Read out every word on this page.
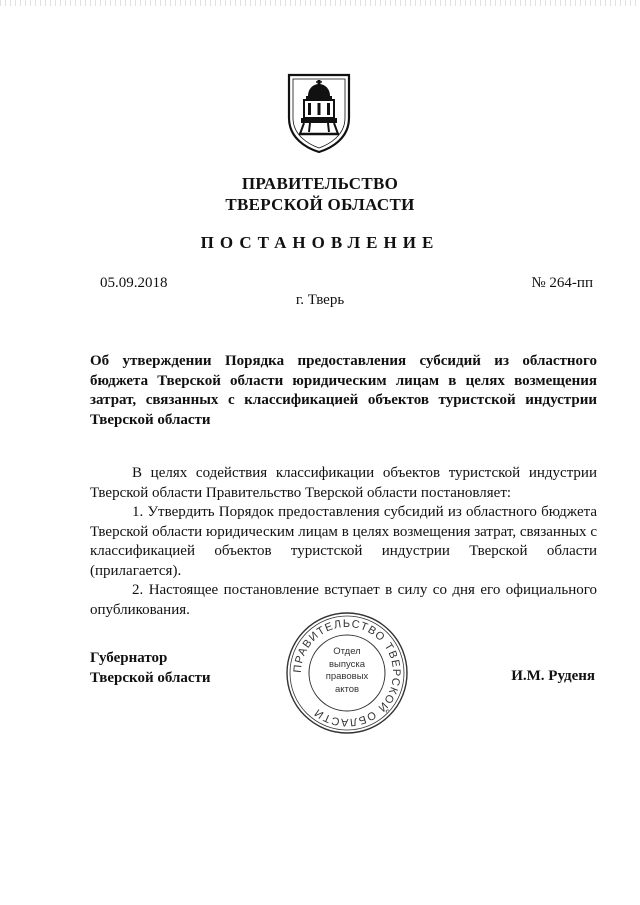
ПРАВИТЕЛЬСТВО
ТВЕРСКОЙ ОБЛАСТИ
ПОСТАНОВЛЕНИЕ
05.09.2018	№ 264-пп
г. Тверь
Об утверждении Порядка предоставления субсидий из областного бюджета Тверской области юридическим лицам в целях возмещения затрат, связанных с классификацией объектов туристской индустрии Тверской области

В целях содействия классификации объектов туристской индустрии Тверской области Правительство Тверской области постановляет:

1. Утвердить Порядок предоставления субсидий из областного бюджета Тверской области юридическим лицам в целях возмещения затрат, связанных с классификацией объектов туристской индустрии Тверской области (прилагается).

2. Настоящее постановление вступает в силу со дня его официального опубликования.

Губернатор
Тверской области
ПРАВИТЕЛЬСТВО ТВЕРСКОЙ ОБЛАСТИ
Отдел
выпуска
правовых
актов
И.М. Руденя
